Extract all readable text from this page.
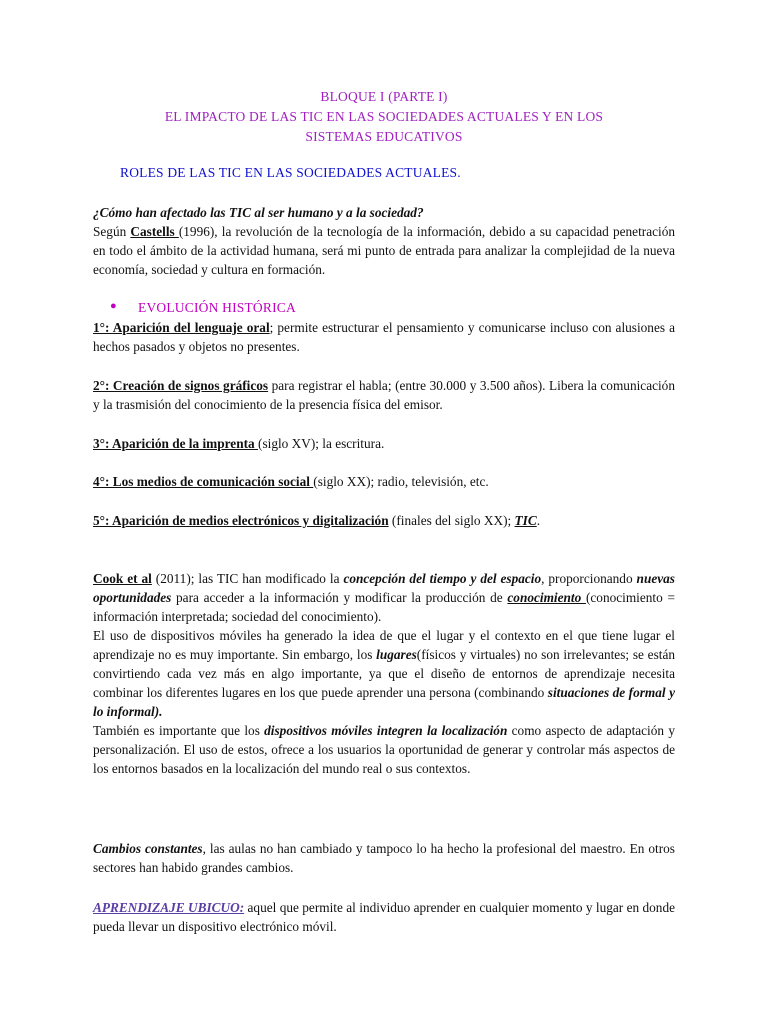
BLOQUE I (PARTE I)
EL IMPACTO DE LAS TIC EN LAS SOCIEDADES ACTUALES Y EN LOS
SISTEMAS EDUCATIVOS
ROLES DE LAS TIC EN LAS SOCIEDADES ACTUALES.

¿Cómo han afectado las TIC al ser humano y a la sociedad?

Según Castells (1996), la revolución de la tecnología de la información, debido a su capacidad penetración en todo el ámbito de la actividad humana, será mi punto de entrada para analizar la complejidad de la nueva economía, sociedad y cultura en formación.

● EVOLUCIÓN HISTÓRICA
1°: Aparición del lenguaje oral; permite estructurar el pensamiento y comunicarse incluso con alusiones a hechos pasados y objetos no presentes.
2°: Creación de signos gráficos para registrar el habla; (entre 30.000 y 3.500 años). Libera la comunicación y la trasmisión del conocimiento de la presencia física del emisor.
3°: Aparición de la imprenta (siglo XV); la escritura.
4°: Los medios de comunicación social (siglo XX); radio, televisión, etc.
5°: Aparición de medios electrónicos y digitalización (finales del siglo XX); TIC.

Cook et al (2011); las TIC han modificado la concepción del tiempo y del espacio, proporcionando nuevas oportunidades para acceder a la información y modificar la producción de conocimiento (conocimiento = información interpretada; sociedad del conocimiento).

El uso de dispositivos móviles ha generado la idea de que el lugar y el contexto en el que tiene lugar el aprendizaje no es muy importante. Sin embargo, los lugares(físicos y virtuales) no son irrelevantes; se están convirtiendo cada vez más en algo importante, ya que el diseño de entornos de aprendizaje necesita combinar los diferentes lugares en los que puede aprender una persona (combinando situaciones de formal y lo informal).

También es importante que los dispositivos móviles integren la localización como aspecto de adaptación y personalización. El uso de estos, ofrece a los usuarios la oportunidad de generar y controlar más aspectos de los entornos basados en la localización del mundo real o sus contextos.

Cambios constantes, las aulas no han cambiado y tampoco lo ha hecho la profesional del maestro. En otros sectores han habido grandes cambios.
APRENDIZAJE UBICUO: aquel que permite al individuo aprender en cualquier momento y lugar en donde pueda llevar un dispositivo electrónico móvil.
